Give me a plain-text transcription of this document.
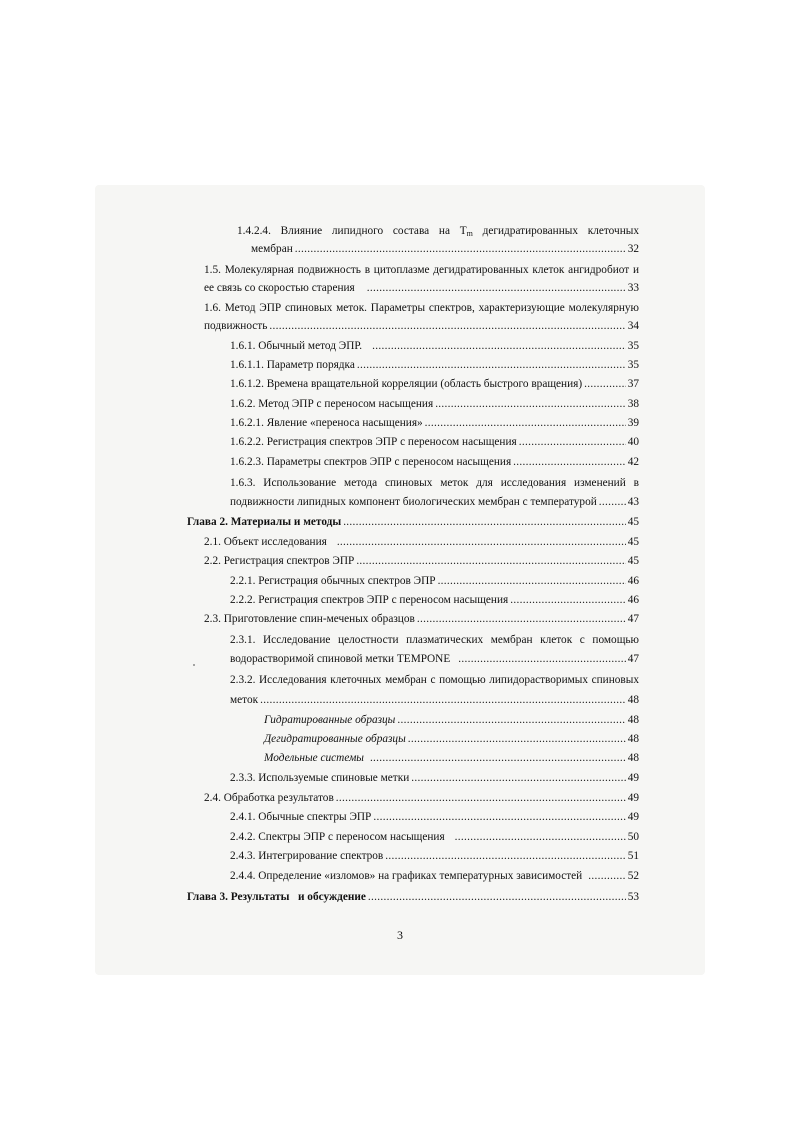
1.4.2.4. Влияние липидного состава на $T_m$ дегидратированных клеточных
мембран .....	32
1.5. Молекулярная подвижность в цитоплазме дегидратированных клеток ангидробиот и
ее связь со скоростью старения .....	33
1.6. Метод ЭПР спиновых меток. Параметры спектров, характеризующие молекулярную
подвижность .....	34
1.6.1. Обычный метод ЭПР. .....	35
1.6.1.1. Параметр порядка .....	35
1.6.1.2. Времена вращательной корреляции (область быстрого вращения) .....	37
1.6.2. Метод ЭПР с переносом насыщения .....	38
1.6.2.1. Явление «переноса насыщения» .....	39
1.6.2.2. Регистрация спектров ЭПР с переносом насыщения .....	40
1.6.2.3. Параметры спектров ЭПР с переносом насыщения .....	42
1.6.3. Использование метода спиновых меток для исследования изменений в
подвижности липидных компонент биологических мембран с температурой .....	43
Глава 2. Материалы и методы .....	45
2.1. Объект исследования .....	45
2.2. Регистрация спектров ЭПР .....	45
2.2.1. Регистрация обычных спектров ЭПР .....	46
2.2.2. Регистрация спектров ЭПР с переносом насыщения .....	46
2.3. Приготовление спин-меченых образцов .....	47
2.3.1. Исследование целостности плазматических мембран клеток с помощью
водорастворимой спиновой метки TEMPONE .....	47
2.3.2. Исследования клеточных мембран с помощью липидорастворимых спиновых
меток .....	48
Гидратированные образцы .....	48
Дегидратированные образцы .....	48
Модельные системы .....	48
2.3.3. Используемые спиновые метки .....	49
2.4. Обработка результатов .....	49
2.4.1. Обычные спектры ЭПР .....	49
2.4.2. Спектры ЭПР с переносом насыщения .....	50
2.4.3. Интегрирование спектров .....	51
2.4.4. Определение «изломов» на графиках температурных зависимостей .....	52
Глава 3. Результаты   и обсуждение .....	53
3
